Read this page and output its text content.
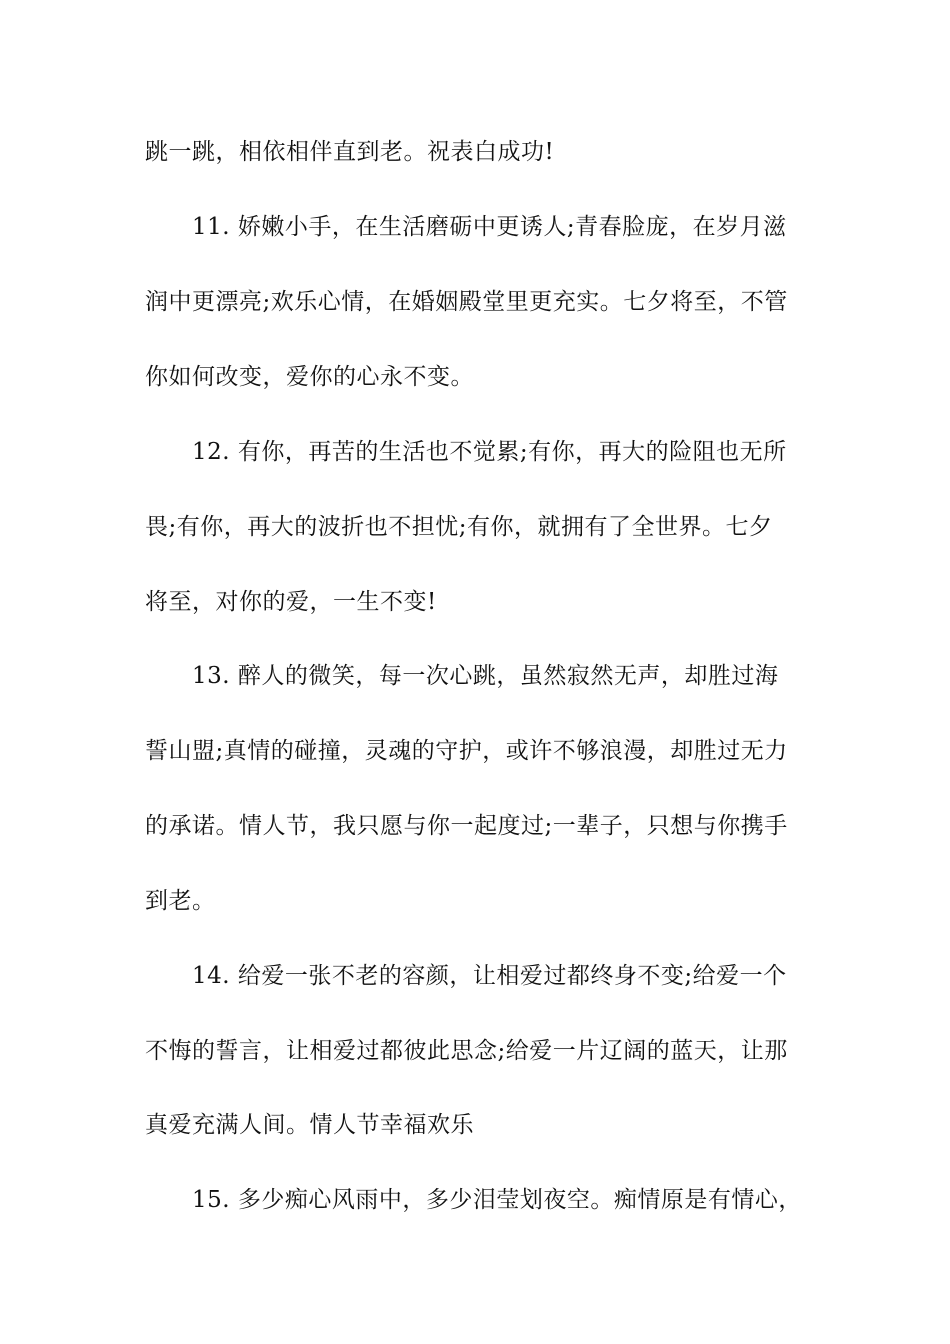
跳一跳，相依相伴直到老。祝表白成功!
11. 娇嫩小手，在生活磨砺中更诱人;青春脸庞，在岁月滋
润中更漂亮;欢乐心情，在婚姻殿堂里更充实。七夕将至，不管
你如何改变，爱你的心永不变。
12. 有你，再苦的生活也不觉累;有你，再大的险阻也无所
畏;有你，再大的波折也不担忧;有你，就拥有了全世界。七夕
将至，对你的爱，一生不变!
13. 醉人的微笑，每一次心跳，虽然寂然无声，却胜过海
誓山盟;真情的碰撞，灵魂的守护，或许不够浪漫，却胜过无力
的承诺。情人节，我只愿与你一起度过;一辈子，只想与你携手
到老。
14. 给爱一张不老的容颜，让相爱过都终身不变;给爱一个
不悔的誓言，让相爱过都彼此思念;给爱一片辽阔的蓝天，让那
真爱充满人间。情人节幸福欢乐
15. 多少痴心风雨中，多少泪莹划夜空。痴情原是有情心，
